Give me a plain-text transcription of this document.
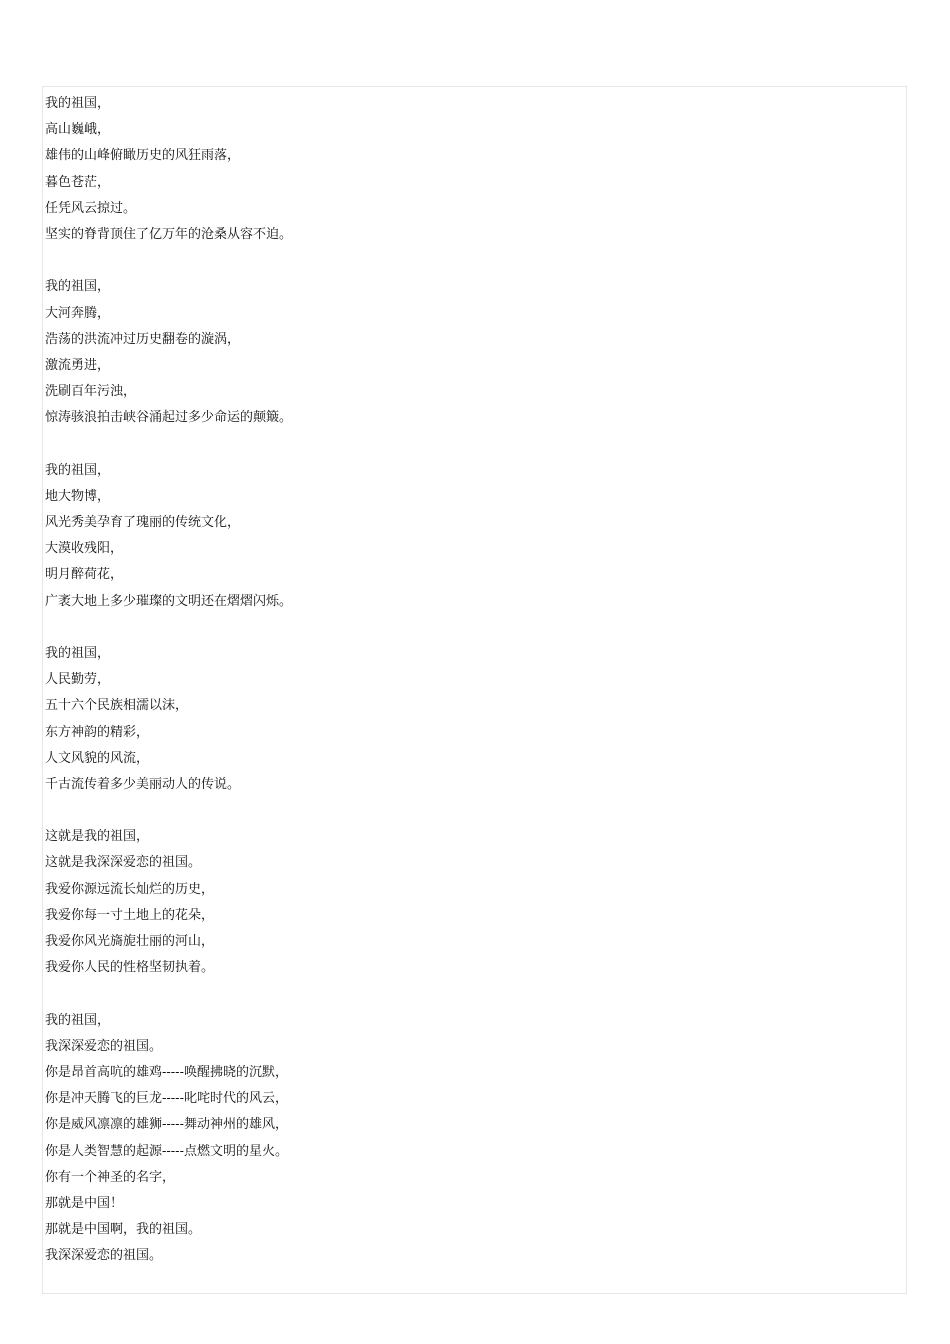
我的祖国，
高山巍峨，
雄伟的山峰俯瞰历史的风狂雨落，
暮色苍茫，
任凭风云掠过。
坚实的脊背顶住了亿万年的沧桑从容不迫。
我的祖国，
大河奔腾，
浩荡的洪流冲过历史翻卷的漩涡，
激流勇进，
洗刷百年污浊，
惊涛骇浪拍击峡谷涌起过多少命运的颠簸。
我的祖国，
地大物博，
风光秀美孕育了瑰丽的传统文化，
大漠收残阳，
明月醉荷花，
广袤大地上多少璀璨的文明还在熠熠闪烁。
我的祖国，
人民勤劳，
五十六个民族相濡以沫，
东方神韵的精彩，
人文风貌的风流，
千古流传着多少美丽动人的传说。
这就是我的祖国，
这就是我深深爱恋的祖国。
我爱你源远流长灿烂的历史，
我爱你每一寸土地上的花朵，
我爱你风光旖旎壮丽的河山，
我爱你人民的性格坚韧执着。
我的祖国，
我深深爱恋的祖国。
你是昂首高吭的雄鸡-----唤醒拂晓的沉默，
你是冲天腾飞的巨龙-----叱咤时代的风云，
你是威风凛凛的雄狮-----舞动神州的雄风，
你是人类智慧的起源-----点燃文明的星火。
你有一个神圣的名字，
那就是中国！
那就是中国啊，我的祖国。
我深深爱恋的祖国。
